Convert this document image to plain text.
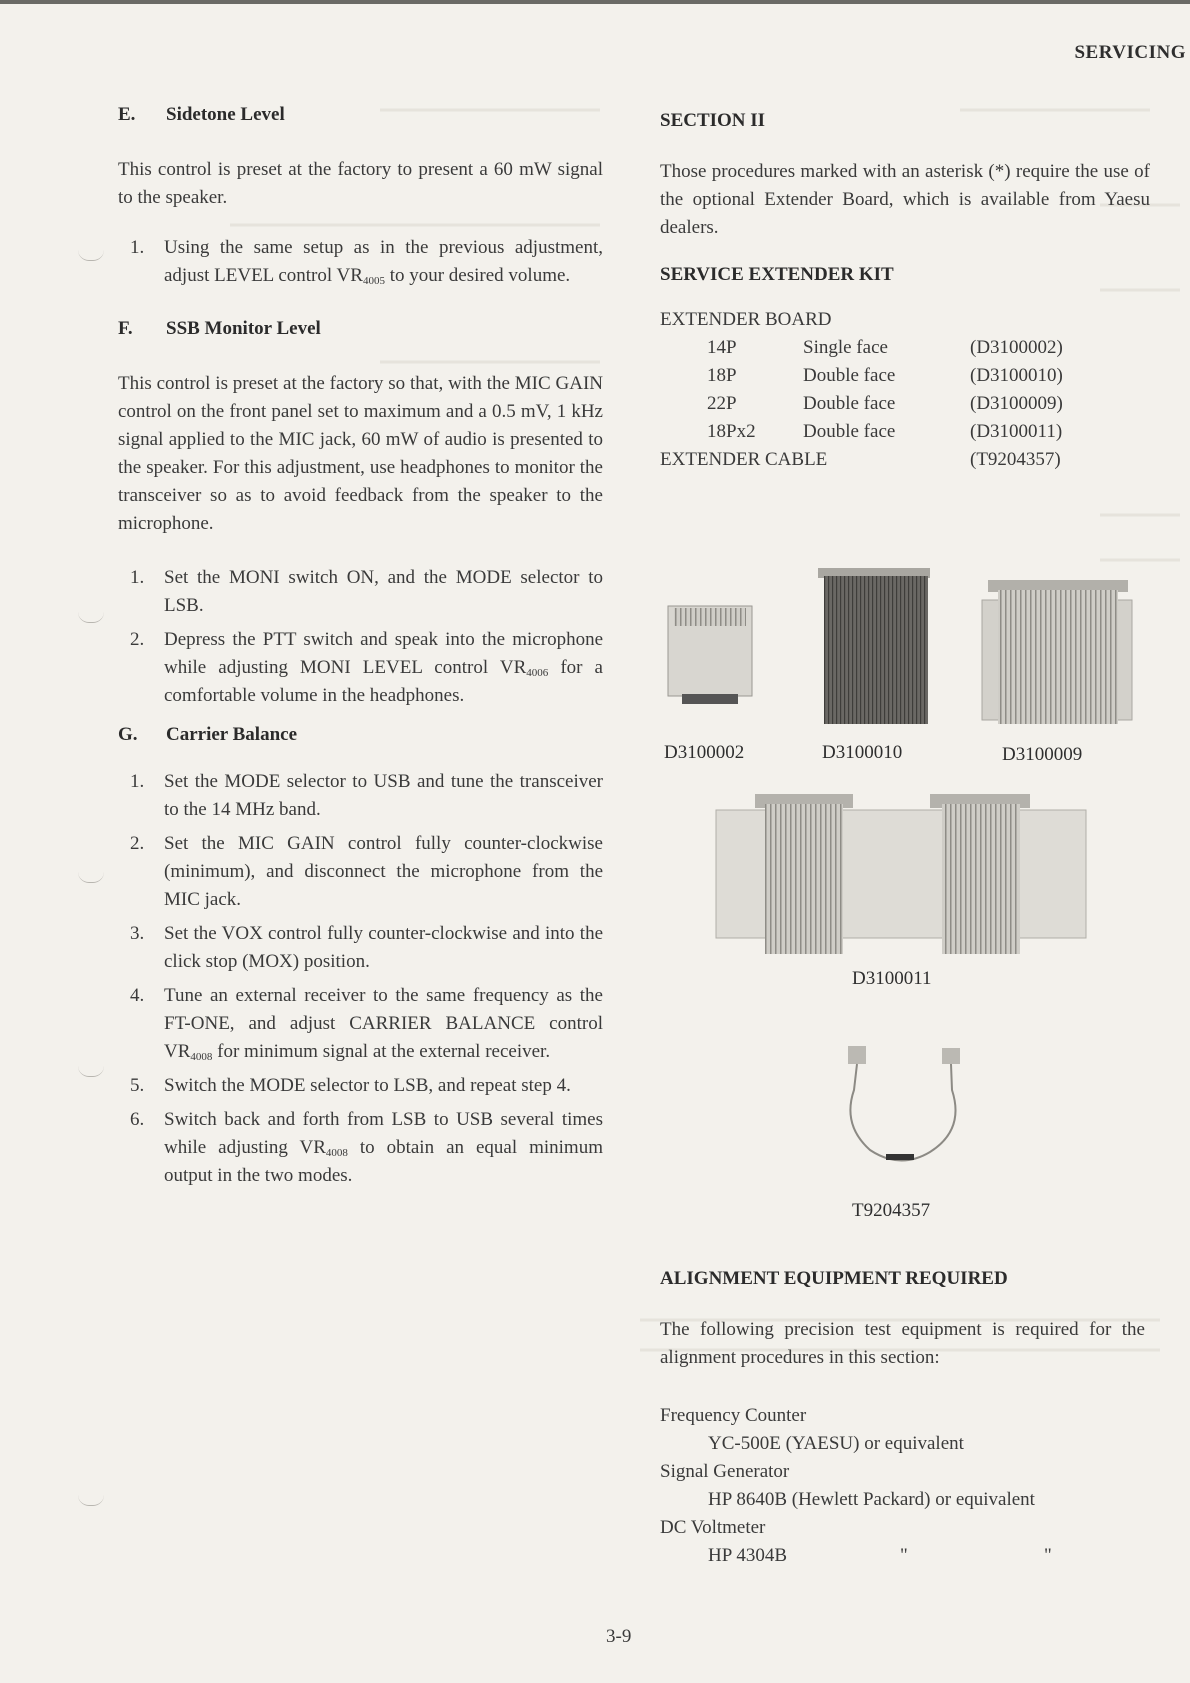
SERVICING
E. Sidetone Level

This control is preset at the factory to present a 60 mW signal to the speaker.

1. Using the same setup as in the previous adjustment, adjust LEVEL control $VR_{4005}$ to your desired volume.
F. SSB Monitor Level

This control is preset at the factory so that, with the MIC GAIN control on the front panel set to maximum and a 0.5 mV, 1 kHz signal applied to the MIC jack, 60 mW of audio is presented to the speaker. For this adjustment, use headphones to monitor the transceiver so as to avoid feedback from the speaker to the microphone.

1. Set the MONI switch ON, and the MODE selector to LSB.
2. Depress the PTT switch and speak into the microphone while adjusting MONI LEVEL control $VR_{4006}$ for a comfortable volume in the headphones.
G. Carrier Balance
1. Set the MODE selector to USB and tune the transceiver to the 14 MHz band.
2. Set the MIC GAIN control fully counter-clockwise (minimum), and disconnect the microphone from the MIC jack.
3. Set the VOX control fully counter-clockwise and into the click stop (MOX) position.
4. Tune an external receiver to the same frequency as the FT-ONE, and adjust CARRIER BALANCE control $VR_{4008}$ for minimum signal at the external receiver.
5. Switch the MODE selector to LSB, and repeat step 4.
6. Switch back and forth from LSB to USB several times while adjusting $VR_{4008}$ to obtain an equal minimum output in the two modes.
SECTION II

Those procedures marked with an asterisk (*) require the use of the optional Extender Board, which is available from Yaesu dealers.

SERVICE EXTENDER KIT
EXTENDER BOARD		
14P	Single face	(D3100002)
18P	Double face	(D3100010)
22P	Double face	(D3100009)
18Px2	Double face	(D3100011)
EXTENDER CABLE		(T9204357)
D3100002	D3100010	D3100009
D3100011
T9204357
ALIGNMENT EQUIPMENT REQUIRED

The following precision test equipment is required for the alignment procedures in this section:

Frequency Counter
YC-500E (YAESU) or equivalent
Signal Generator
HP 8640B (Hewlett Packard) or equivalent
DC Voltmeter
HP 4304B	"	"
3-9
